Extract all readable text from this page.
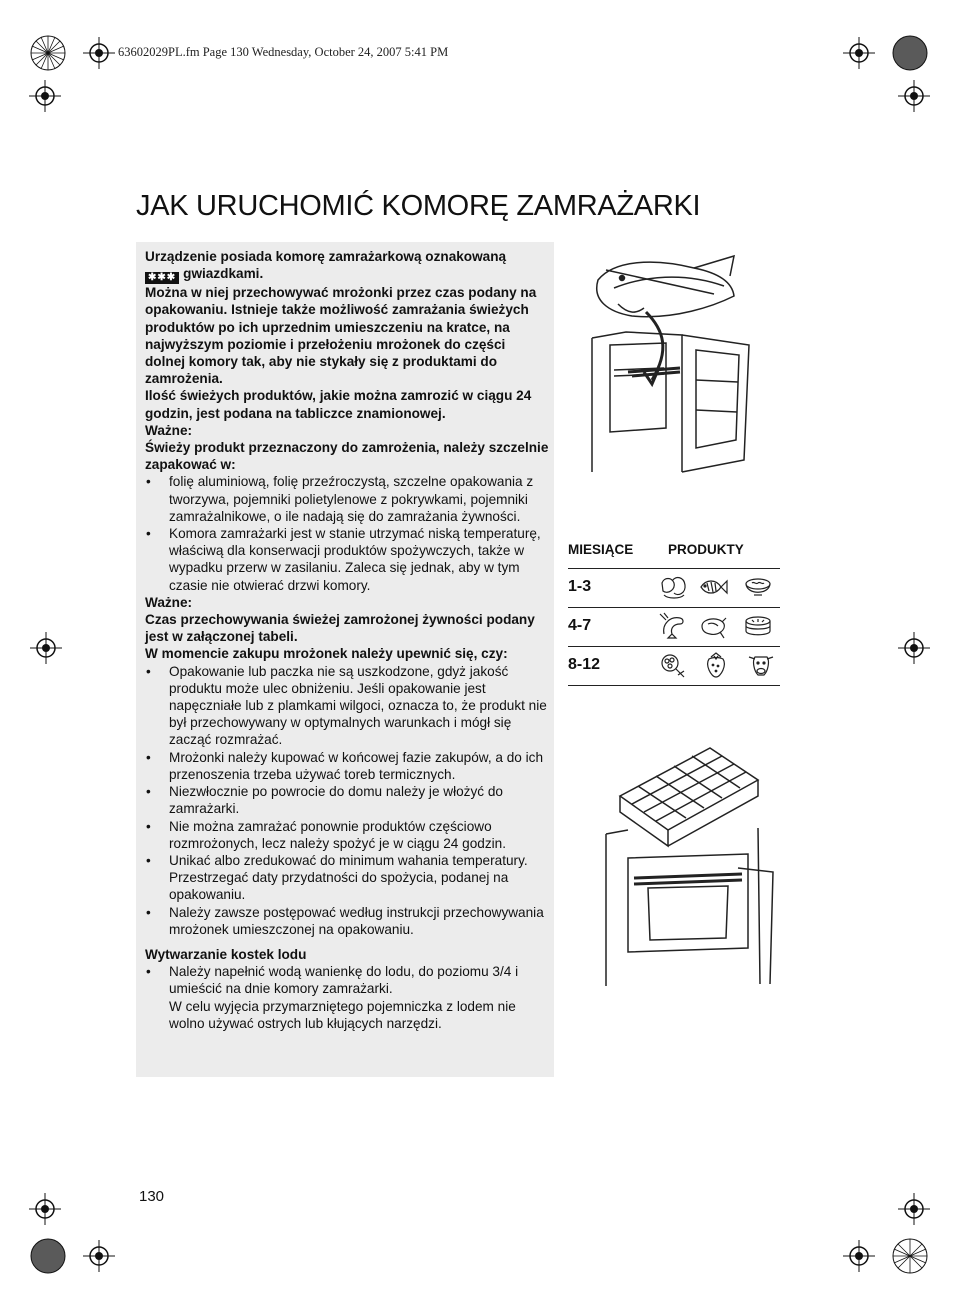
63602029PL.fm Page 130 Wednesday, October 24, 2007 5:41 PM
JAK URUCHOMIĆ KOMORĘ ZAMRAŻARKI

Urządzenie posiada komorę zamrażarkową oznakowaną
✱✱✱ gwiazdkami.
Można w niej przechowywać mrożonki przez czas podany na opakowaniu. Istnieje także możliwość zamrażania świeżych produktów po ich uprzednim umieszczeniu na kratce, na najwyższym poziomie i przełożeniu mrożonek do części dolnej komory tak, aby nie stykały się z produktami do zamrożenia.

Ilość świeżych produktów, jakie można zamrozić w ciągu 24 godzin, jest podana na tabliczce znamionowej.

Ważne:

Świeży produkt przeznaczony do zamrożenia, należy szczelnie zapakować w:

• folię aluminiową, folię przeźroczystą, szczelne opakowania z tworzywa, pojemniki polietylenowe z pokrywkami, pojemniki zamrażalnikowe, o ile nadają się do zamrażania żywności.
• Komora zamrażarki jest w stanie utrzymać niską temperaturę, właściwą dla konserwacji produktów spożywczych, także w wypadku przerw w zasilaniu. Zaleca się jednak, aby w tym czasie nie otwierać drzwi komory.

Ważne:

Czas przechowywania świeżej zamrożonej żywności podany jest w załączonej tabeli.

W momencie zakupu mrożonek należy upewnić się, czy:

• Opakowanie lub paczka nie są uszkodzone, gdyż jakość produktu może ulec obniżeniu. Jeśli opakowanie jest napęczniałe lub z plamkami wilgoci, oznacza to, że produkt nie był przechowywany w optymalnych warunkach i mógł się zacząć rozmrażać.
• Mrożonki należy kupować w końcowej fazie zakupów, a do ich przenoszenia trzeba używać toreb termicznych.
• Niezwłocznie po powrocie do domu należy je włożyć do zamrażarki.
• Nie można zamrażać ponownie produktów częściowo rozmrożonych, lecz należy spożyć je w ciągu 24 godzin.
• Unikać albo zredukować do minimum wahania temperatury. Przestrzegać daty przydatności do spożycia, podanej na opakowaniu.
• Należy zawsze postępować według instrukcji przechowywania mrożonek umieszczonej na opakowaniu.

Wytwarzanie kostek lodu

• Należy napełnić wodą wanienkę do lodu, do poziomu 3/4 i umieścić na dnie komory zamrażarki.
W celu wyjęcia przymarzniętego pojemniczka z lodem nie wolno używać ostrych lub kłujących narzędzi.
MIESIĄCE	PRODUKTY
1-3
4-7
8-12
130
